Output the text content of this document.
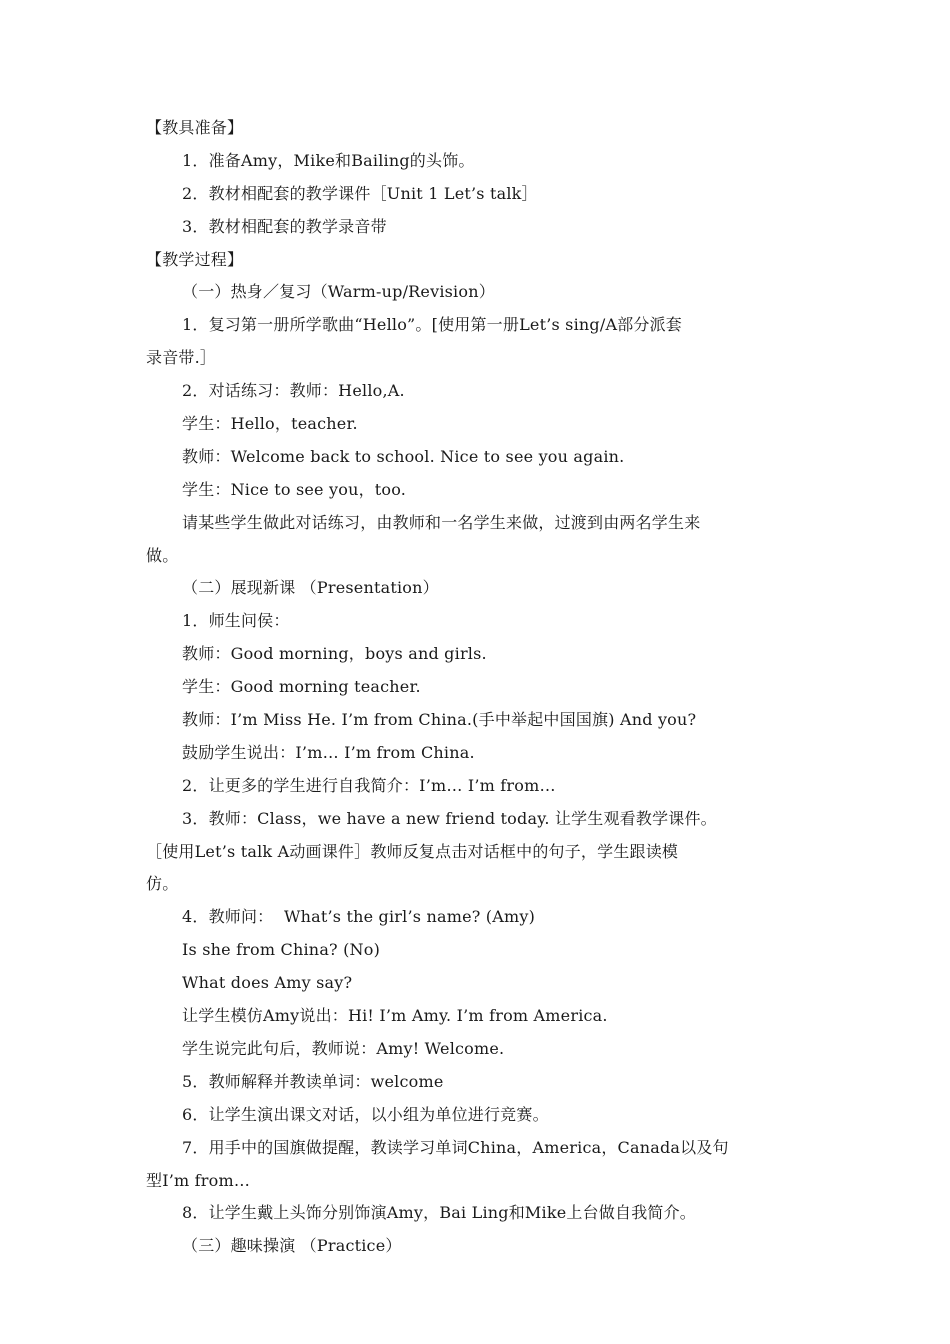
【教具准备】
1．准备Amy，Mike和Bailing的头饰。
2．教材相配套的教学课件［Unit 1 Let’s talk］
3．教材相配套的教学录音带
【教学过程】
（一）热身／复习（Warm-up/Revision）
1．复习第一册所学歌曲“Hello”。[使用第一册Let’s sing/A部分派套
录音带.］
2．对话练习：教师：Hello,A.
学生：Hello，teacher.
教师：Welcome back to school. Nice to see you again.
学生：Nice to see you，too.
请某些学生做此对话练习，由教师和一名学生来做，过渡到由两名学生来
做。
（二）展现新课 （Presentation）
1．师生问侯：
教师：Good morning，boys and girls.
学生：Good morning teacher.
教师：I’m Miss He. I’m from China.(手中举起中国国旗) And you?
鼓励学生说出：I’m… I’m from China.
2．让更多的学生进行自我简介：I’m… I’m from…
3．教师：Class，we have a new friend today. 让学生观看教学课件。
［使用Let’s talk A动画课件］教师反复点击对话框中的句子，学生跟读模
仿。
4．教师问：  What’s the girl’s name? (Amy)
Is she from China? (No)
What does Amy say?
让学生模仿Amy说出：Hi! I’m Amy. I’m from America.
学生说完此句后，教师说：Amy! Welcome.
5．教师解释并教读单词：welcome
6．让学生演出课文对话，以小组为单位进行竞赛。
7．用手中的国旗做提醒，教读学习单词China，America，Canada以及句
型I’m from…
8．让学生戴上头饰分别饰演Amy，Bai Ling和Mike上台做自我简介。
（三）趣味操演 （Practice）
